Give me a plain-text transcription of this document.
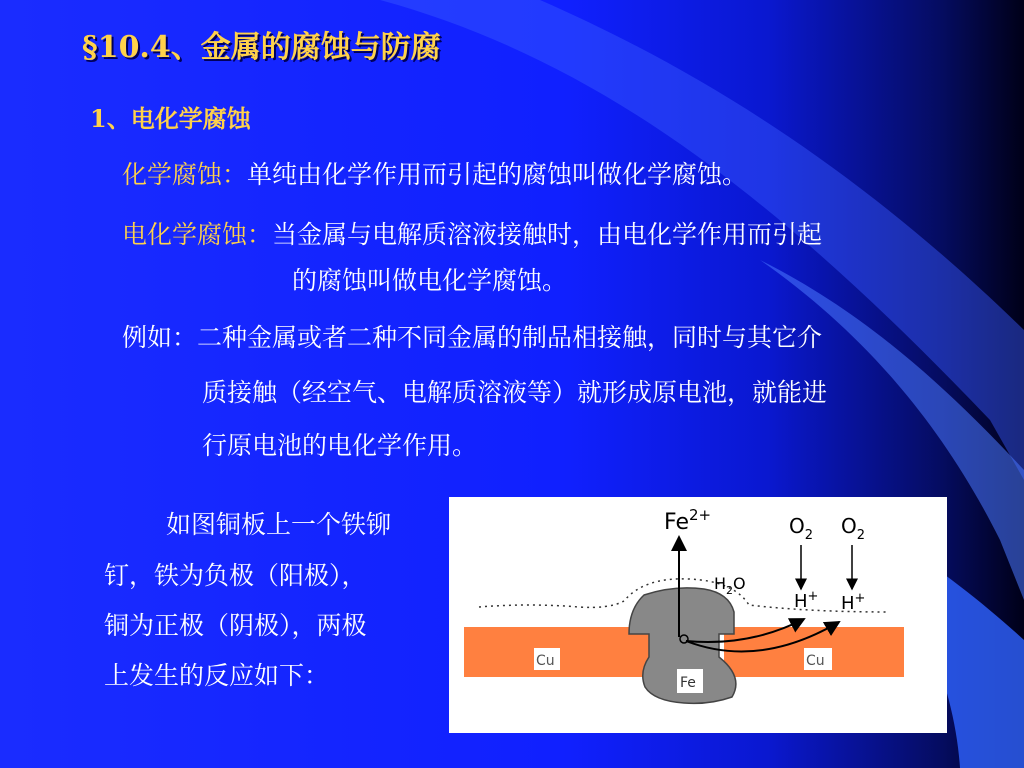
§10.4、金属的腐蚀与防腐
1、电化学腐蚀
化学腐蚀：单纯由化学作用而引起的腐蚀叫做化学腐蚀。
电化学腐蚀：当金属与电解质溶液接触时，由电化学作用而引起
的腐蚀叫做电化学腐蚀。
例如：二种金属或者二种不同金属的制品相接触，同时与其它介
质接触（经空气、电解质溶液等）就形成原电池，就能进
行原电池的电化学作用。
如图铜板上一个铁铆
钉，铁为负极（阳极），
铜为正极（阴极），两极
上发生的反应如下：
$Fe^{2+}$
$H_2O$
$O_2$ $O_2$
H+ H+
Cu	Cu
Fe
